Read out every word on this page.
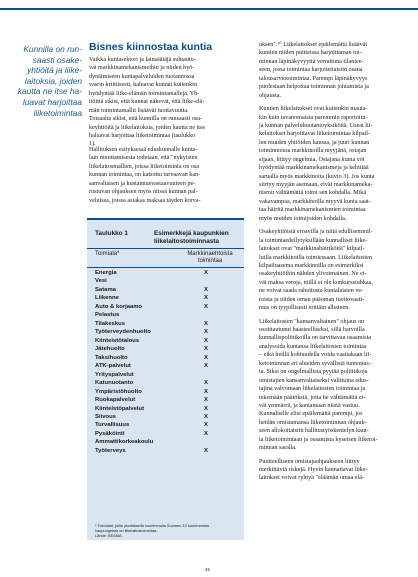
Kunnilla on run-
saasti osake-
yhtiöitä ja liike-
laitoksia, joiden
kautta ne itse ha-
luavat harjoittaa
liiketoimintaa
Bisnes kiinnostaa kuntia
Vaikka kuntasektori ja lainsäätäjä suhtautu-
vat markkinamekanismeihin ja niiden hyö-
dyntämiseen kuntapalveluiden tuotannossa
vasrin kriittisesti, haluavat kunnat kuitenkin
hyödyntää liike-elämän toimintamalleja. Yh-
tiöittä sikisi, että kunnat näkevät, että liike-elä-
män toimintamallit lisäävät tuottavuutta.
Toisaalta sikisi, että kunnilla on runsaasti osa-
keyhtiöitä ja liikelaitoksia, joiden kautta ne itse
haluavat harjoittaa liiketoimintaa (taulukko
1).
Hallituksen esityksessä eduskunnalle kunta-
lain muuttamisesta todetaan, että "nykyisten
liikelaitosmallien, joissa liiketoiminta on osa
kunnan toimintaa, on katsottu turvaavan kan-
sanvaltaisen ja kustannusvastaavuuteen pe-
rustuvan ohjauksen myös niissä kunnan pal-
veluissa, joissa asiakas maksaa täyden korva-
uksen".¹⁰ Liikelaitokset epäilemättä lisäävät
kuntien niiden puitteissa harjoittaman toi-
minnan läpinäkyvyyttä verrattuna tilantee-
seen, jossa toimintaa harjoitettaisiin osana
talousarviotoimintaa. Parempi läpinäkyvyys
puolestaan helpottaa toiminnan johtamista ja
ohjausta.
Kuntien liikelaitokset ovat kuitenkin mauta-
kin kuin tavanomaista paremmin raportoitu-
ja kunnan palveluhuotantoyksiköitä. Useat lii-
kelaitokset harjoittavat liiketoimintaa kilpail-
len muiden yhtiöiden kanssa, ja juuri kunnan
toiminnoissa markkinoilla myyjänä, ostajan
sijaan, liittyy ongelmia. Ostajana kunta voi
hyödyntää markkinamekanismeja ja kehittää
sarualla myös markkinoita (kuvio 3). Jos kunta
siirtyy myyjän asemaan, eivät markkinameka-
nismit välttämättä toimi sen kohdalla. Mikä
vakavampaa, markkinoilla myyvä kunta saat-
taa häiritä markkinamekanismien toimintaa
myös muiden toimijoiden kohdalla.
Osakeyhtiöistä eroavilla ja niitä edullisemmil-
la toimintaedellytyksillään kunnalliset liike-
laitokset ovat "markkinahäiriköitä" kilpail-
luilla markkinoilla toimiessaan. Liikelaitosten
kilpailuasema markkinoilla on esimerkiksi
osakeyhtiöihin nähden ylivoimainen. Ne ei-
vät maksa veroja, niillä ei ole konkurssiuhkaa,
ne voivat saada rahoitusta kuntalaisten ve-
roista ja niiden oman pääoman tuottovaati-
mus on tyypillisesti erittäin alhainen.
Liikelaitosten "kansanvaltainen" ohjaus on
osoittautunut haasteelliseksi, sillä harvoilla
kunnallispoliitikoilla on tarvittavaa osaamista
analysoida kuntansa liikelaitosten toimintaa
– eikä heillä kohtuudella voida vaatiakaan lii-
ketoiminnan eri alueiden syvällistä tuntemus-
ta. Siksi on ongelmallista pyytää poliittikoja
omistajien kansanvaltaiseksi valittuina edus-
tajina valvomaan liikelaitosten toimintaa ja
tekemään päätöksiä, joita he välttämättä ei-
vät ymmärrä, ja kantamaan niistä vastuu.
Kunnalisille elisi epäilemättä parempi, jos
heidän omistamansa liiketoiminnan ohjauk-
seen allokoitaisiin hallitustyöskentelyn kaut-
ta liiketoimintaan ja osaamista kyseisen liiketoi-
minnan saralla.
Puutteelliseen omistajaohjaukseen liittyy
merkittäviä riskejä. Hyvin kannattavat liike-
laitokset voivat ryhtyä "eläämän omaa elä-
Taulukko 1	Esimerkkejä kaupunkien
liikelaitostoiminnasta
Toimiala*	Markkinaehtoista
toimintaa
Energia	X
Vesi
Satama	X
Liikenne	X
Auto & korjaamo	X
Pelastus
Tilakeskus	X
Työterveydenhuolto	X
Kiinteistötalous	X
Jätehuolto	X
Taksihuolto	X
ATK-palvelut	X
Yrityspalvelut
Katunuotanto	X
Ympäristöhuolto	X
Ruokapalvelut	X
Kiinteistöpalvelut	X
Siivous	X
Turvallisuus	X
Pysäköinti	X
Ammattikorkeakoulu
Työterveys	X
* Toimialat, joilla yksittäisellä suurimmalla Suomen 12 suurimmista
kaupungeista on liikelaitostoimintaa.
Lähde: BEAMA.
45
